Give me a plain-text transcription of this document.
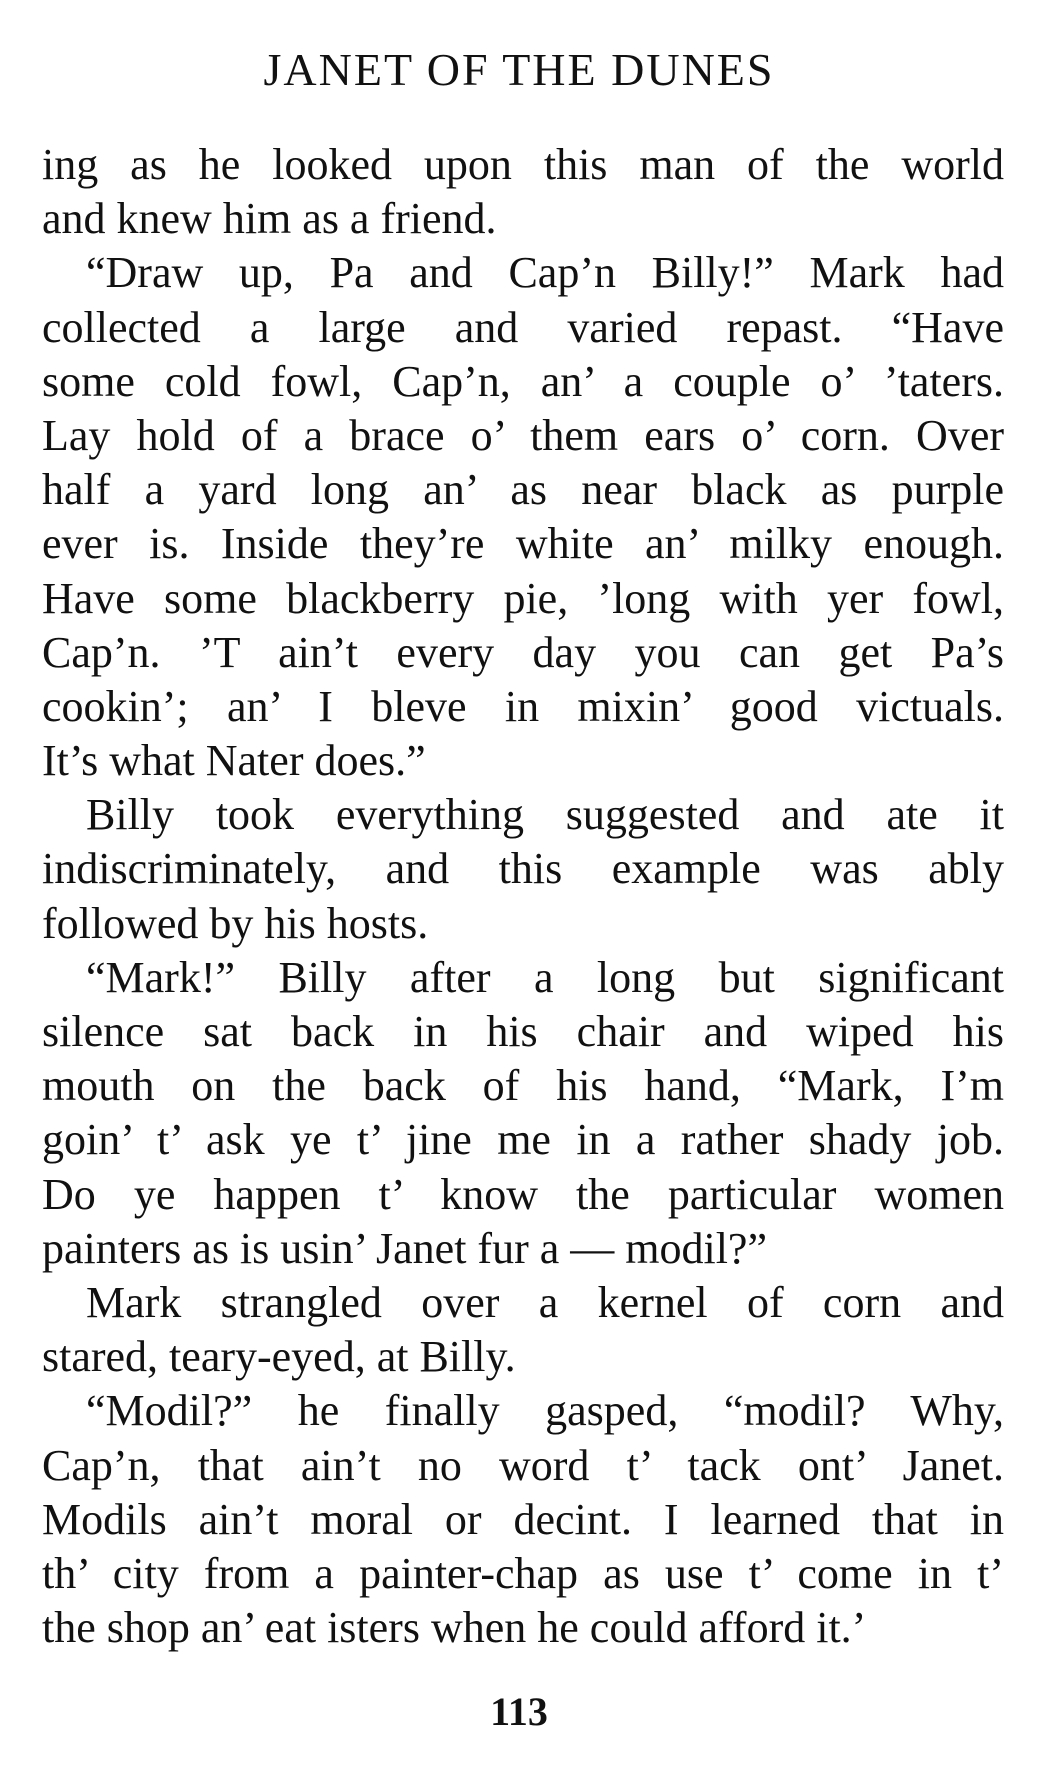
JANET OF THE DUNES
ing as he looked upon this man of the world
and knew him as a friend.
“Draw up, Pa and Cap’n Billy!” Mark had
collected a large and varied repast. “Have
some cold fowl, Cap’n, an’ a couple o’ ’taters.
Lay hold of a brace o’ them ears o’ corn. Over
half a yard long an’ as near black as purple
ever is. Inside they’re white an’ milky enough.
Have some blackberry pie, ’long with yer fowl,
Cap’n. ’T ain’t every day you can get Pa’s
cookin’; an’ I bleve in mixin’ good victuals.
It’s what Nater does.”
Billy took everything suggested and ate it
indiscriminately, and this example was ably
followed by his hosts.
“Mark!” Billy after a long but significant
silence sat back in his chair and wiped his
mouth on the back of his hand, “Mark, I’m
goin’ t’ ask ye t’ jine me in a rather shady job.
Do ye happen t’ know the particular women
painters as is usin’ Janet fur a — modil?”
Mark strangled over a kernel of corn and
stared, teary-eyed, at Billy.
“Modil?” he finally gasped, “modil? Why,
Cap’n, that ain’t no word t’ tack ont’ Janet.
Modils ain’t moral or decint. I learned that in
th’ city from a painter-chap as use t’ come in t’
the shop an’ eat isters when he could afford it.’
113
